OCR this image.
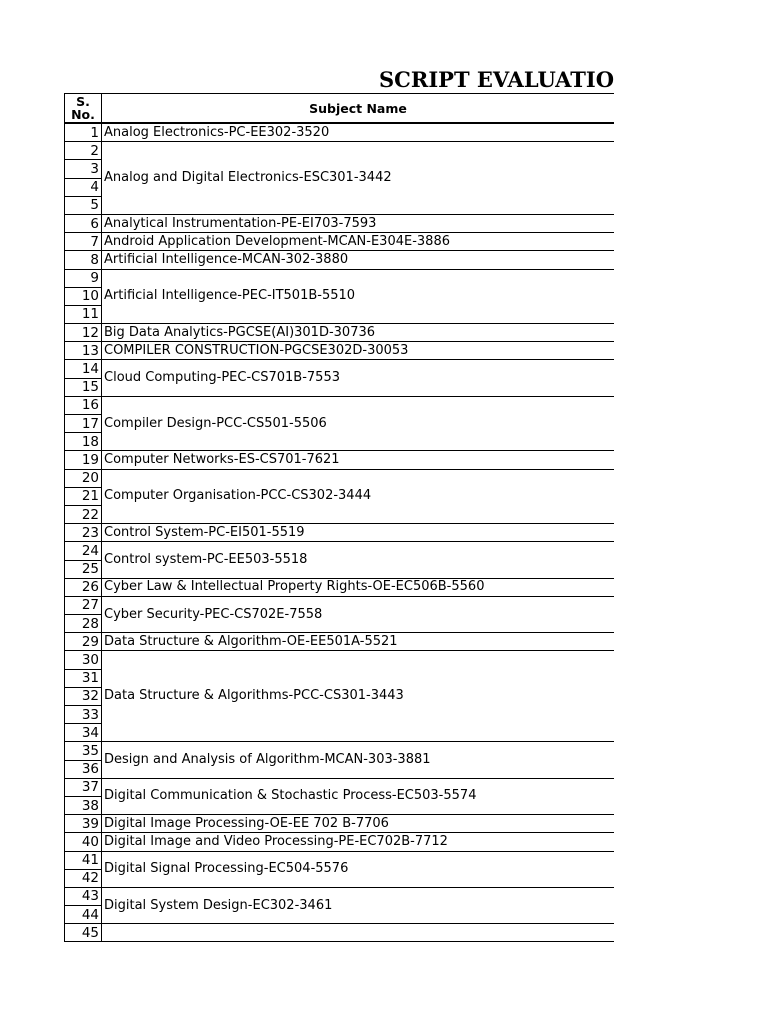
SCRIPT EVALUATIO
S. No.	Subject Name
1	Analog Electronics-PC-EE302-3520
2	Analog and Digital Electronics-ESC301-3442
3	
4	
5	
6	Analytical Instrumentation-PE-EI703-7593
7	Android Application Development-MCAN-E304E-3886
8	Artificial Intelligence-MCAN-302-3880
9	Artificial Intelligence-PEC-IT501B-5510
10	
11	
12	Big Data Analytics-PGCSE(AI)301D-30736
13	COMPILER CONSTRUCTION-PGCSE302D-30053
14	Cloud Computing-PEC-CS701B-7553
15	
16	Compiler Design-PCC-CS501-5506
17	
18	
19	Computer Networks-ES-CS701-7621
20	Computer Organisation-PCC-CS302-3444
21	
22	
23	Control System-PC-EI501-5519
24	Control system-PC-EE503-5518
25	
26	Cyber Law & Intellectual Property Rights-OE-EC506B-5560
27	Cyber Security-PEC-CS702E-7558
28	
29	Data Structure & Algorithm-OE-EE501A-5521
30	Data Structure & Algorithms-PCC-CS301-3443
31	
32	
33	
34	
35	Design and Analysis of Algorithm-MCAN-303-3881
36	
37	Digital Communication & Stochastic Process-EC503-5574
38	
39	Digital Image Processing-OE-EE 702 B-7706
40	Digital Image and Video Processing-PE-EC702B-7712
41	Digital Signal Processing-EC504-5576
42	
43	Digital System Design-EC302-3461
44	
45	
